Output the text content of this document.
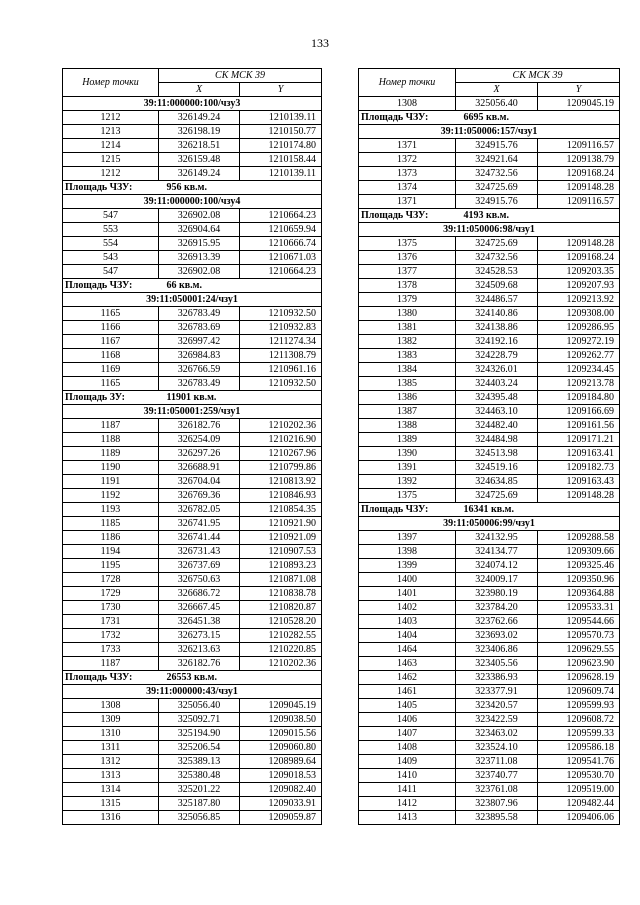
133
Номер точки	СК МСК 39	
	X	Y
39:11:000000:100/чзу3		
1212	326149.24	1210139.11
1213	326198.19	1210150.77
1214	326218.51	1210174.80
1215	326159.48	1210158.44
1212	326149.24	1210139.11
Площадь ЧЗУ:	956 кв.м.	
39:11:000000:100/чзу4		
547	326902.08	1210664.23
553	326904.64	1210659.94
554	326915.95	1210666.74
543	326913.39	1210671.03
547	326902.08	1210664.23
Площадь ЧЗУ:	66 кв.м.	
39:11:050001:24/чзу1		
1165	326783.49	1210932.50
1166	326783.69	1210932.83
1167	326997.42	1211274.34
1168	326984.83	1211308.79
1169	326766.59	1210961.16
1165	326783.49	1210932.50
Площадь ЗУ:	11901 кв.м.	
39:11:050001:259/чзу1		
1187	326182.76	1210202.36
1188	326254.09	1210216.90
1189	326297.26	1210267.96
1190	326688.91	1210799.86
1191	326704.04	1210813.92
1192	326769.36	1210846.93
1193	326782.05	1210854.35
1185	326741.95	1210921.90
1186	326741.44	1210921.09
1194	326731.43	1210907.53
1195	326737.69	1210893.23
1728	326750.63	1210871.08
1729	326686.72	1210838.78
1730	326667.45	1210820.87
1731	326451.38	1210528.20
1732	326273.15	1210282.55
1733	326213.63	1210220.85
1187	326182.76	1210202.36
Площадь ЧЗУ:	26553 кв.м.	
39:11:000000:43/чзу1		
1308	325056.40	1209045.19
1309	325092.71	1209038.50
1310	325194.90	1209015.56
1311	325206.54	1209060.80
1312	325389.13	1208989.64
1313	325380.48	1209018.53
1314	325201.22	1209082.40
1315	325187.80	1209033.91
1316	325056.85	1209059.87
Номер точки	СК МСК 39	
	X	Y
1308	325056.40	1209045.19
Площадь ЧЗУ:	6695 кв.м.	
39:11:050006:157/чзу1		
1371	324915.76	1209116.57
1372	324921.64	1209138.79
1373	324732.56	1209168.24
1374	324725.69	1209148.28
1371	324915.76	1209116.57
Площадь ЧЗУ:	4193 кв.м.	
39:11:050006:98/чзу1		
1375	324725.69	1209148.28
1376	324732.56	1209168.24
1377	324528.53	1209203.35
1378	324509.68	1209207.93
1379	324486.57	1209213.92
1380	324140.86	1209308.00
1381	324138.86	1209286.95
1382	324192.16	1209272.19
1383	324228.79	1209262.77
1384	324326.01	1209234.45
1385	324403.24	1209213.78
1386	324395.48	1209184.80
1387	324463.10	1209166.69
1388	324482.40	1209161.56
1389	324484.98	1209171.21
1390	324513.98	1209163.41
1391	324519.16	1209182.73
1392	324634.85	1209163.43
1375	324725.69	1209148.28
Площадь ЧЗУ:	16341 кв.м.	
39:11:050006:99/чзу1		
1397	324132.95	1209288.58
1398	324134.77	1209309.66
1399	324074.12	1209325.46
1400	324009.17	1209350.96
1401	323980.19	1209364.88
1402	323784.20	1209533.31
1403	323762.66	1209544.66
1404	323693.02	1209570.73
1464	323406.86	1209629.55
1463	323405.56	1209623.90
1462	323386.93	1209628.19
1461	323377.91	1209609.74
1405	323420.57	1209599.93
1406	323422.59	1209608.72
1407	323463.02	1209599.33
1408	323524.10	1209586.18
1409	323711.08	1209541.76
1410	323740.77	1209530.70
1411	323761.08	1209519.00
1412	323807.96	1209482.44
1413	323895.58	1209406.06
